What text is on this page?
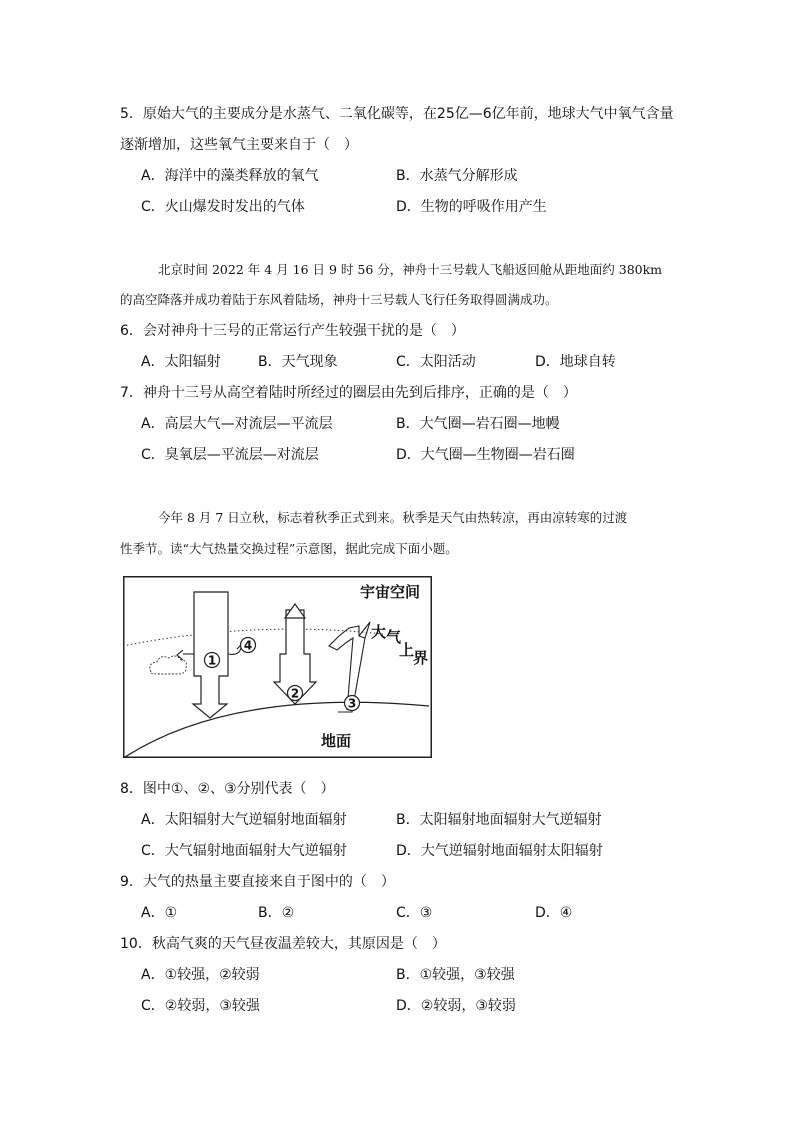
5．原始大气的主要成分是水蒸气、二氧化碳等，在25亿—6亿年前，地球大气中氧气含量
逐渐增加，这些氧气主要来自于（　）
A．海洋中的藻类释放的氧气	B．水蒸气分解形成
C．火山爆发时发出的气体	D．生物的呼吸作用产生
北京时间 2022 年 4 月 16 日 9 时 56 分，神舟十三号载人飞船返回舱从距地面约 380km
的高空降落并成功着陆于东风着陆场，神舟十三号载人飞行任务取得圆满成功。
6．会对神舟十三号的正常运行产生较强干扰的是（　）
A．太阳辐射	B．天气现象	C．太阳活动	D．地球自转
7．神舟十三号从高空着陆时所经过的圈层由先到后排序，正确的是（　）
A．高层大气—对流层—平流层	B．大气圈—岩石圈—地幔
C．臭氧层—平流层—对流层	D．大气圈—生物圈—岩石圈
今年 8 月 7 日立秋，标志着秋季正式到来。秋季是天气由热转凉，再由凉转寒的过渡
性季节。读“大气热量交换过程”示意图，据此完成下面小题。
1
4
2
3
宇宙空间
大 气
上
界
地面
8．图中①、②、③分别代表（　）
A．太阳辐射大气逆辐射地面辐射	B．太阳辐射地面辐射大气逆辐射
C．大气辐射地面辐射大气逆辐射	D．大气逆辐射地面辐射太阳辐射
9．大气的热量主要直接来自于图中的（　）
A．①	B．②	C．③	D．④
10．秋高气爽的天气昼夜温差较大，其原因是（　）
A．①较强，②较弱	B．①较强，③较强
C．②较弱，③较强	D．②较弱，③较弱
